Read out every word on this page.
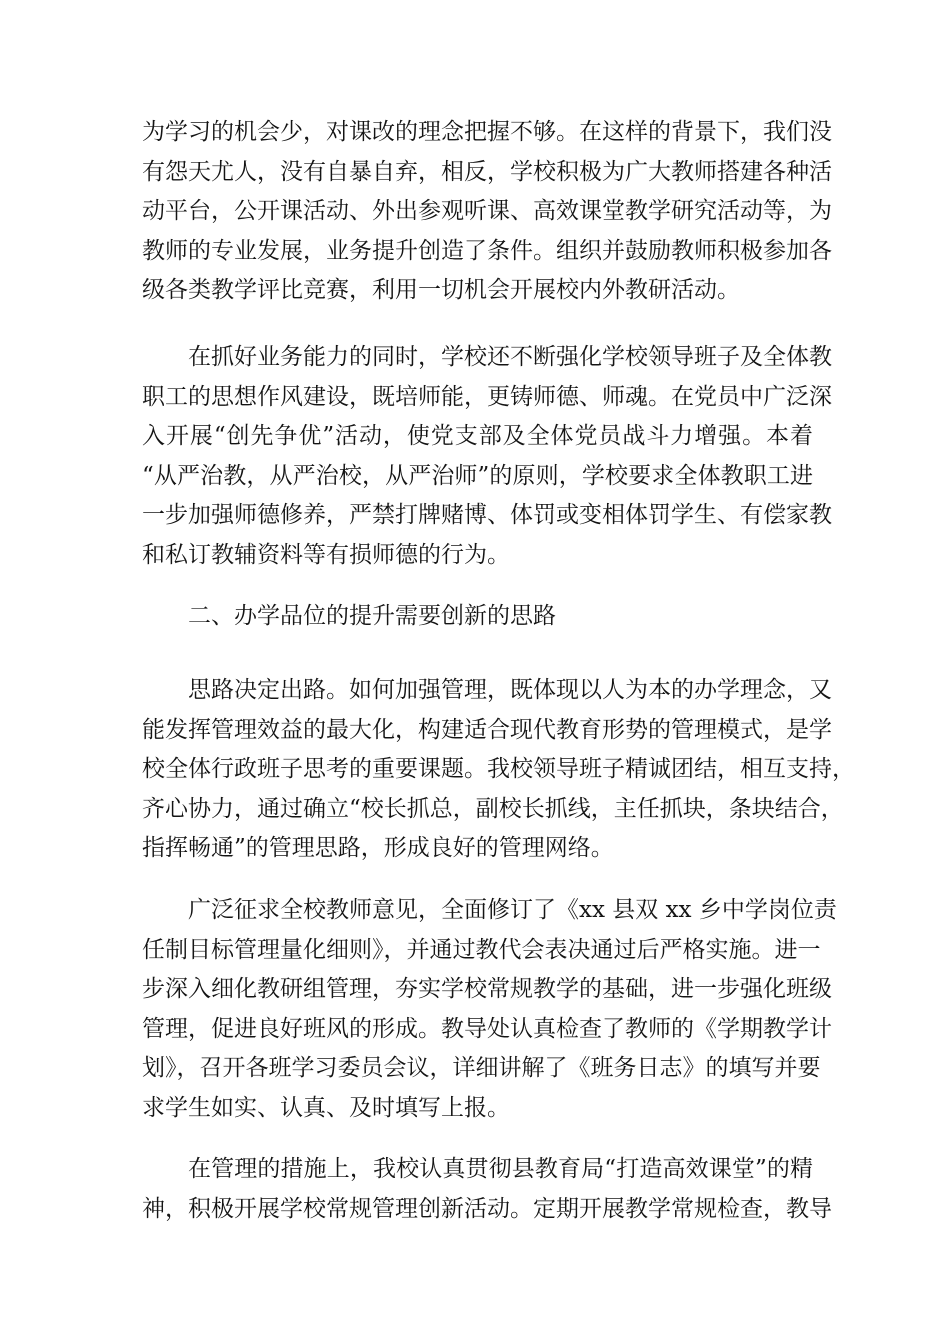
为学习的机会少，对课改的理念把握不够。在这样的背景下，我们没
有怨天尤人，没有自暴自弃，相反，学校积极为广大教师搭建各种活
动平台，公开课活动、外出参观听课、高效课堂教学研究活动等，为
教师的专业发展，业务提升创造了条件。组织并鼓励教师积极参加各
级各类教学评比竞赛，利用一切机会开展校内外教研活动。
在抓好业务能力的同时，学校还不断强化学校领导班子及全体教
职工的思想作风建设，既培师能，更铸师德、师魂。在党员中广泛深
入开展“创先争优”活动，使党支部及全体党员战斗力增强。本着
“从严治教，从严治校，从严治师”的原则，学校要求全体教职工进
一步加强师德修养，严禁打牌赌博、体罚或变相体罚学生、有偿家教
和私订教辅资料等有损师德的行为。
二、办学品位的提升需要创新的思路
思路决定出路。如何加强管理，既体现以人为本的办学理念，又
能发挥管理效益的最大化，构建适合现代教育形势的管理模式，是学
校全体行政班子思考的重要课题。我校领导班子精诚团结，相互支持，
齐心协力，通过确立“校长抓总，副校长抓线，主任抓块，条块结合，
指挥畅通”的管理思路，形成良好的管理网络。
广泛征求全校教师意见，全面修订了《xx 县双 xx 乡中学岗位责
任制目标管理量化细则》，并通过教代会表决通过后严格实施。进一
步深入细化教研组管理，夯实学校常规教学的基础，进一步强化班级
管理，促进良好班风的形成。教导处认真检查了教师的《学期教学计
划》，召开各班学习委员会议，详细讲解了《班务日志》的填写并要
求学生如实、认真、及时填写上报。
在管理的措施上，我校认真贯彻县教育局“打造高效课堂”的精
神，积极开展学校常规管理创新活动。定期开展教学常规检查，教导
